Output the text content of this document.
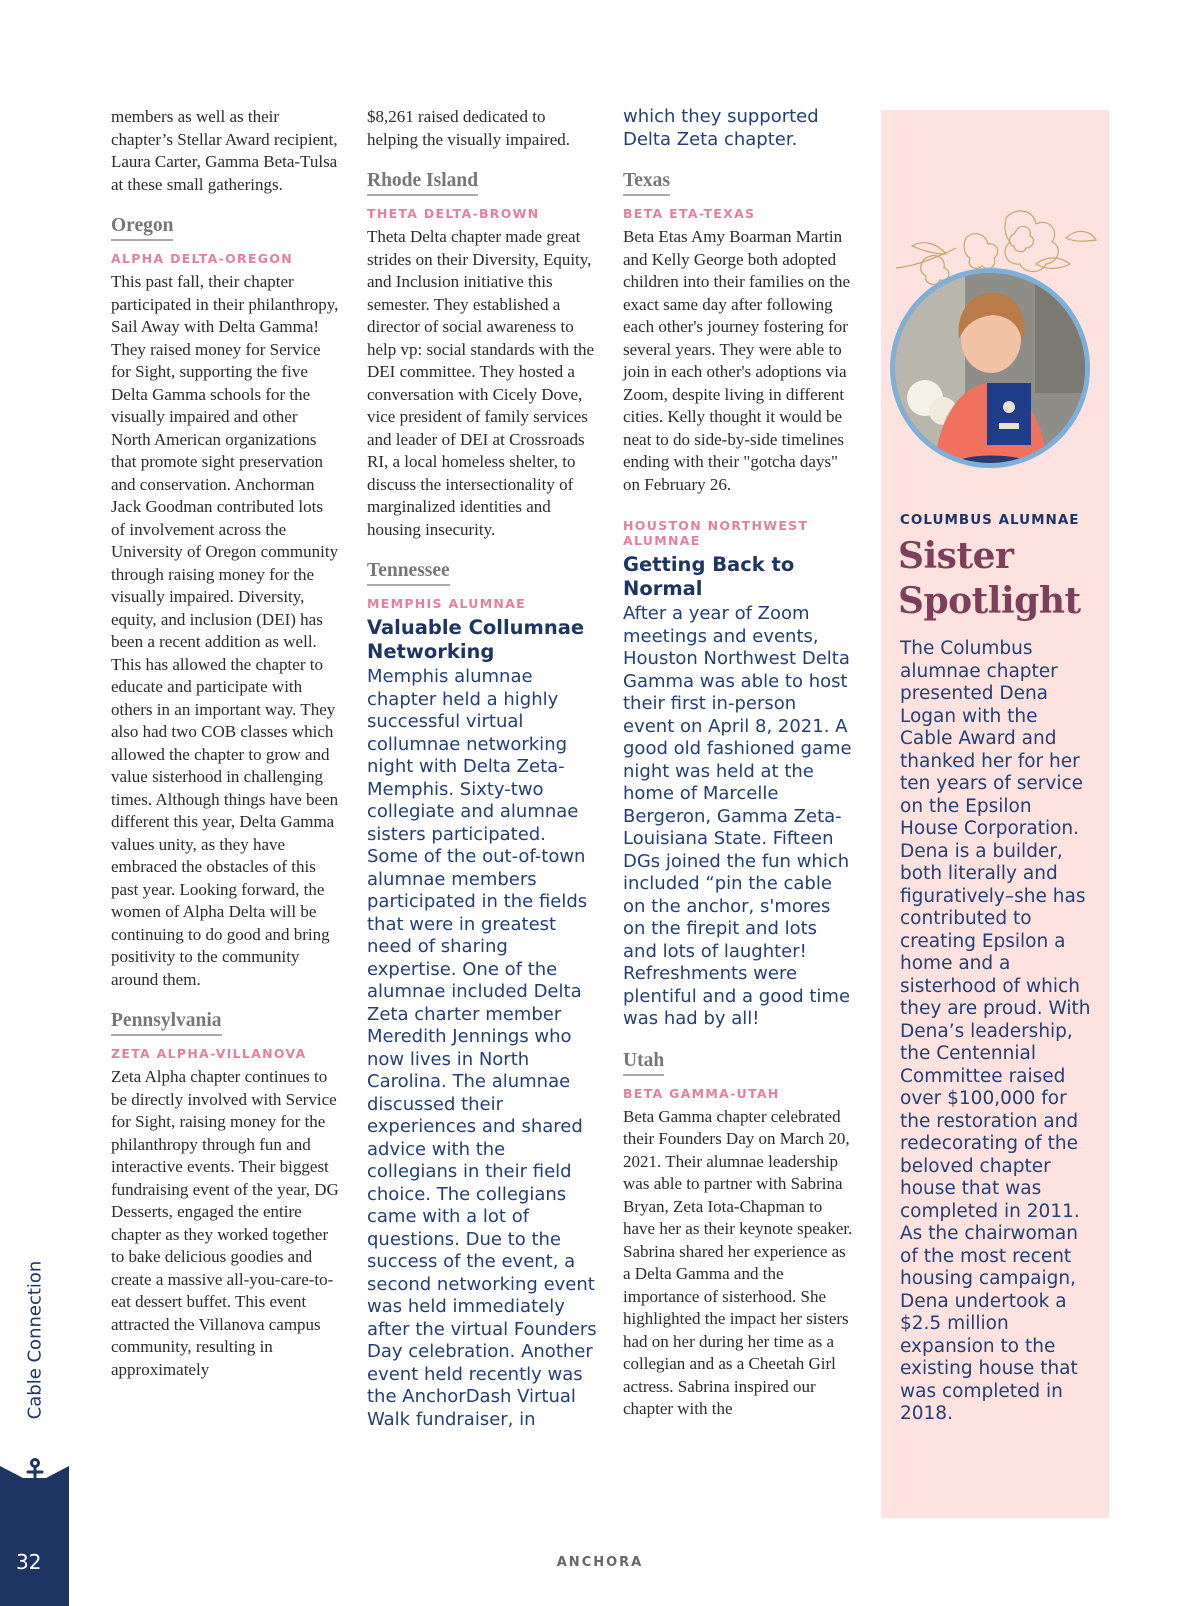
members as well as their chapter’s Stellar Award recipient, Laura Carter, Gamma Beta-Tulsa at these small gatherings.

Oregon
ALPHA DELTA-OREGON

This past fall, their chapter participated in their philanthropy, Sail Away with Delta Gamma! They raised money for Service for Sight, supporting the five Delta Gamma schools for the visually impaired and other North American organizations that promote sight preservation and conservation. Anchorman Jack Goodman contributed lots of involvement across the University of Oregon community through raising money for the visually impaired. Diversity, equity, and inclusion (DEI) has been a recent addition as well. This has allowed the chapter to educate and participate with others in an important way. They also had two COB classes which allowed the chapter to grow and value sisterhood in challenging times. Although things have been different this year, Delta Gamma values unity, as they have embraced the obstacles of this past year. Looking forward, the women of Alpha Delta will be continuing to do good and bring positivity to the community around them.

Pennsylvania
ZETA ALPHA-VILLANOVA

Zeta Alpha chapter continues to be directly involved with Service for Sight, raising money for the philanthropy through fun and interactive events. Their biggest fundraising event of the year, DG Desserts, engaged the entire chapter as they worked together to bake delicious goodies and create a massive all-you-care-to-eat dessert buffet. This event attracted the Villanova campus community, resulting in approximately

$8,261 raised dedicated to helping the visually impaired.

Rhode Island
THETA DELTA-BROWN

Theta Delta chapter made great strides on their Diversity, Equity, and Inclusion initiative this semester. They established a director of social awareness to help vp: social standards with the DEI committee. They hosted a conversation with Cicely Dove, vice president of family services and leader of DEI at Crossroads RI, a local homeless shelter, to discuss the intersectionality of marginalized identities and housing insecurity.

Tennessee
MEMPHIS ALUMNAE
Valuable Collumnae Networking

Memphis alumnae chapter held a highly successful virtual collumnae networking night with Delta Zeta-Memphis. Sixty-two collegiate and alumnae sisters participated. Some of the out-of-town alumnae members participated in the fields that were in greatest need of sharing expertise. One of the alumnae included Delta Zeta charter member Meredith Jennings who now lives in North Carolina. The alumnae discussed their experiences and shared advice with the collegians in their field choice. The collegians came with a lot of questions. Due to the success of the event, a second networking event was held immediately after the virtual Founders Day celebration. Another event held recently was the AnchorDash Virtual Walk fundraiser, in

which they supported Delta Zeta chapter.

Texas
BETA ETA-TEXAS

Beta Etas Amy Boarman Martin and Kelly George both adopted children into their families on the exact same day after following each other's journey fostering for several years. They were able to join in each other's adoptions via Zoom, despite living in different cities. Kelly thought it would be neat to do side-by-side timelines ending with their "gotcha days" on February 26.

HOUSTON NORTHWEST ALUMNAE
Getting Back to Normal

After a year of Zoom meetings and events, Houston Northwest Delta Gamma was able to host their first in-person event on April 8, 2021. A good old fashioned game night was held at the home of Marcelle Bergeron, Gamma Zeta-Louisiana State. Fifteen DGs joined the fun which included “pin the cable on the anchor, s'mores on the firepit and lots and lots of laughter! Refreshments were plentiful and a good time was had by all!

Utah
BETA GAMMA-UTAH

Beta Gamma chapter celebrated their Founders Day on March 20, 2021. Their alumnae leadership was able to partner with Sabrina Bryan, Zeta Iota-Chapman to have her as their keynote speaker. Sabrina shared her experience as a Delta Gamma and the importance of sisterhood. She highlighted the impact her sisters had on her during her time as a collegian and as a Cheetah Girl actress. Sabrina inspired our chapter with the

COLUMBUS ALUMNAE
Sister
Spotlight

The Columbus alumnae chapter presented Dena Logan with the Cable Award and thanked her for her ten years of service on the Epsilon House Corporation. Dena is a builder, both literally and figuratively–she has contributed to creating Epsilon a home and a sisterhood of which they are proud. With Dena’s leadership, the Centennial Committee raised over $100,000 for the restoration and redecorating of the beloved chapter house that was completed in 2011. As the chairwoman of the most recent housing campaign, Dena undertook a $2.5 million expansion to the existing house that was completed in 2018.

Cable Connection
32	ANCHORA
